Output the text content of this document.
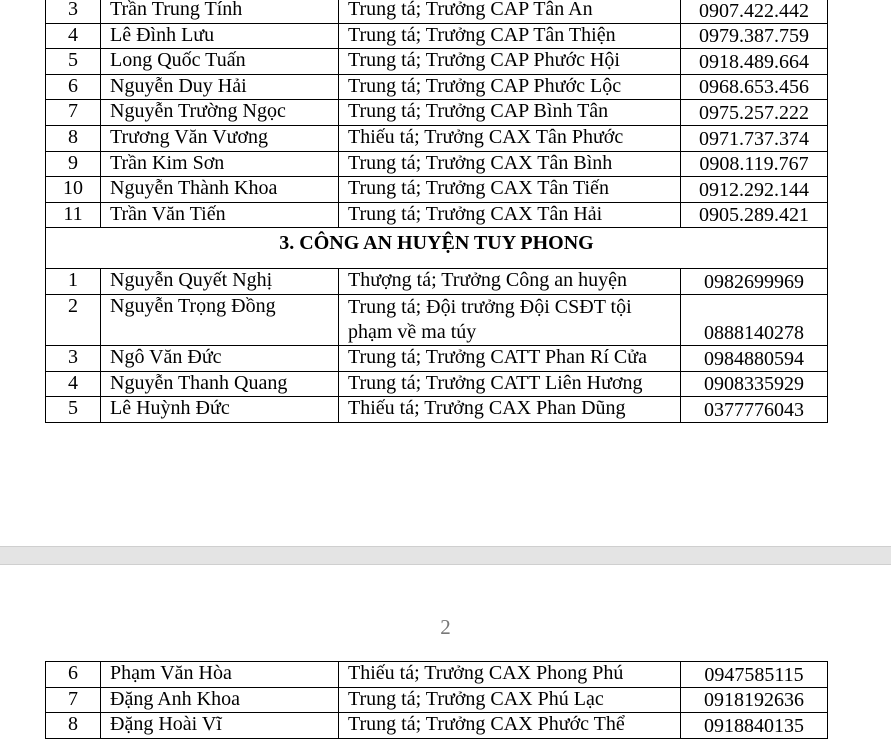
3	Trần Trung Tính	Trung tá; Trưởng CAP Tân An	0907.422.442
4	Lê Đình Lưu	Trung tá; Trưởng CAP Tân Thiện	0979.387.759
5	Long Quốc Tuấn	Trung tá; Trưởng CAP Phước Hội	0918.489.664
6	Nguyễn Duy Hải	Trung tá; Trưởng CAP Phước Lộc	0968.653.456
7	Nguyễn Trường Ngọc	Trung tá; Trưởng CAP Bình Tân	0975.257.222
8	Trương Văn Vương	Thiếu tá; Trưởng CAX Tân Phước	0971.737.374
9	Trần Kim Sơn	Trung tá; Trưởng CAX Tân Bình	0908.119.767
10	Nguyễn Thành Khoa	Trung tá; Trưởng CAX Tân Tiến	0912.292.144
11	Trần Văn Tiến	Trung tá; Trưởng CAX Tân Hải	0905.289.421
3. CÔNG AN HUYỆN TUY PHONG			
1	Nguyễn Quyết Nghị	Thượng tá; Trưởng Công an huyện	0982699969
2	Nguyễn Trọng Đồng	Trung tá; Đội trưởng Đội CSĐT tội phạm về ma túy	0888140278
3	Ngô Văn Đức	Trung tá; Trưởng CATT Phan Rí Cửa	0984880594
4	Nguyễn Thanh Quang	Trung tá; Trưởng CATT Liên Hương	0908335929
5	Lê Huỳnh Đức	Thiếu tá; Trưởng CAX Phan Dũng	0377776043
2
6	Phạm Văn Hòa	Thiếu tá; Trưởng CAX Phong Phú	0947585115
7	Đặng Anh Khoa	Trung tá; Trưởng CAX Phú Lạc	0918192636
8	Đặng Hoài Vĩ	Trung tá; Trưởng CAX Phước Thể	0918840135
